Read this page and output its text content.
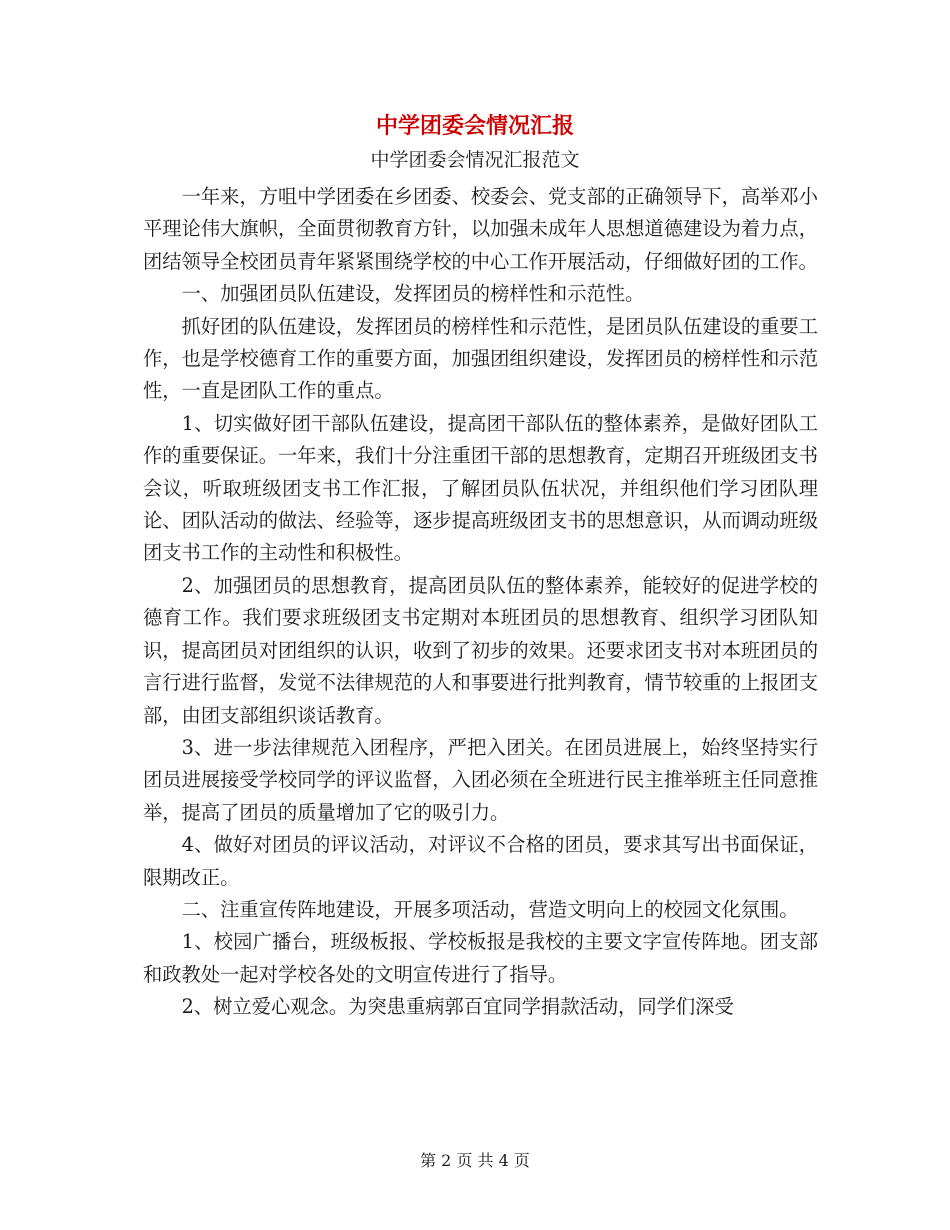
中学团委会情况汇报

中学团委会情况汇报范文

一年来，方咀中学团委在乡团委、校委会、党支部的正确领导下，高举邓小平理论伟大旗帜，全面贯彻教育方针，以加强未成年人思想道德建设为着力点，团结领导全校团员青年紧紧围绕学校的中心工作开展活动，仔细做好团的工作。

一、加强团员队伍建设，发挥团员的榜样性和示范性。

抓好团的队伍建设，发挥团员的榜样性和示范性，是团员队伍建设的重要工作，也是学校德育工作的重要方面，加强团组织建设，发挥团员的榜样性和示范性，一直是团队工作的重点。

1、切实做好团干部队伍建设，提高团干部队伍的整体素养，是做好团队工作的重要保证。一年来，我们十分注重团干部的思想教育，定期召开班级团支书会议，听取班级团支书工作汇报，了解团员队伍状况，并组织他们学习团队理论、团队活动的做法、经验等，逐步提高班级团支书的思想意识，从而调动班级团支书工作的主动性和积极性。

2、加强团员的思想教育，提高团员队伍的整体素养，能较好的促进学校的德育工作。我们要求班级团支书定期对本班团员的思想教育、组织学习团队知识，提高团员对团组织的认识，收到了初步的效果。还要求团支书对本班团员的言行进行监督，发觉不法律规范的人和事要进行批判教育，情节较重的上报团支部，由团支部组织谈话教育。

3、进一步法律规范入团程序，严把入团关。在团员进展上，始终坚持实行团员进展接受学校同学的评议监督，入团必须在全班进行民主推举班主任同意推举，提高了团员的质量增加了它的吸引力。

4、做好对团员的评议活动，对评议不合格的团员，要求其写出书面保证，限期改正。

二、注重宣传阵地建设，开展多项活动，营造文明向上的校园文化氛围。

1、校园广播台，班级板报、学校板报是我校的主要文字宣传阵地。团支部和政教处一起对学校各处的文明宣传进行了指导。

2、树立爱心观念。为突患重病郭百宜同学捐款活动，同学们深受

第 2 页 共 4 页
